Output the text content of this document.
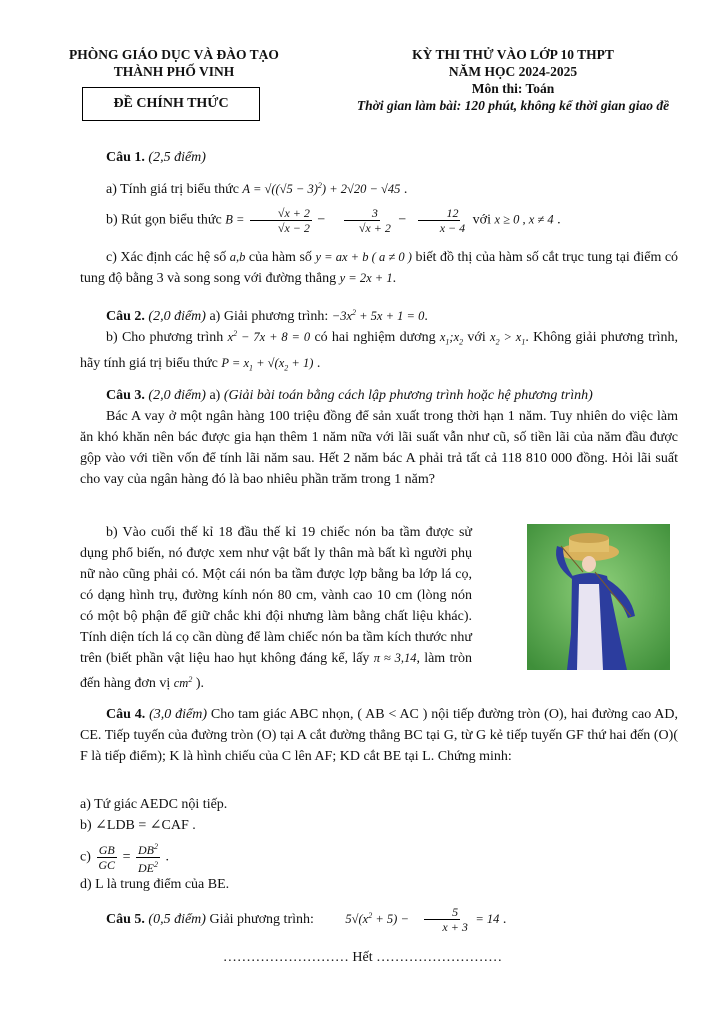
PHÒNG GIÁO DỤC VÀ ĐÀO TẠO
THÀNH PHỐ VINH
ĐỀ CHÍNH THỨC
KỲ THI THỬ VÀO LỚP 10 THPT
NĂM HỌC 2024-2025
Môn thi: Toán
Thời gian làm bài: 120 phút, không kể thời gian giao đề
Câu 1. (2,5 điểm)
a) Tính giá trị biểu thức $A = √((√5 - 3)^2) + 2√20 - √45$ .
b) Rút gọn biểu thức $B = \frac{√x + 2}{√x - 2} - \frac{3}{√x + 2} - \frac{12}{x - 4}$ với x ≥ 0 , x ≠ 4 .
c) Xác định các hệ số a,b của hàm số y = ax + b ( a ≠ 0 ) biết đồ thị của hàm số cắt trục tung tại điểm có tung độ bằng 3 và song song với đường thẳng y = 2x + 1.
Câu 2. (2,0 điểm) a) Giải phương trình: $-3x^2 + 5x + 1 = 0$.
b) Cho phương trình $x^2 - 7x + 8 = 0$ có hai nghiệm dương $x_1;x_2$ với $x_2 > x_1$. Không giải phương trình, hãy tính giá trị biểu thức $P = x_1 + √(x_2 + 1)$ .
Câu 3. (2,0 điểm) a) (Giải bài toán bằng cách lập phương trình hoặc hệ phương trình)
Bác A vay ở một ngân hàng 100 triệu đồng để sản xuất trong thời hạn 1 năm. Tuy nhiên do việc làm ăn khó khăn nên bác được gia hạn thêm 1 năm nữa với lãi suất vẫn như cũ, số tiền lãi của năm đầu được gộp vào với tiền vốn để tính lãi năm sau. Hết 2 năm bác A phải trả tất cả 118 810 000 đồng. Hỏi lãi suất cho vay của ngân hàng đó là bao nhiêu phần trăm trong 1 năm?
b) Vào cuối thế kỉ 18 đầu thế kỉ 19 chiếc nón ba tầm được sử dụng phổ biến, nó được xem như vật bất ly thân mà bất kì người phụ nữ nào cũng phải có. Một cái nón ba tầm được lợp bằng ba lớp lá cọ, có dạng hình trụ, đường kính nón 80 cm, vành cao 10 cm (lòng nón có một bộ phận để giữ chắc khi đội nhưng làm bằng chất liệu khác). Tính diện tích lá cọ cần dùng để làm chiếc nón ba tầm kích thước như trên (biết phần vật liệu hao hụt không đáng kể, lấy π ≈ 3,14, làm tròn đến hàng đơn vị $cm^2$ ).
Câu 4. (3,0 điểm) Cho tam giác ABC nhọn, ( AB < AC ) nội tiếp đường tròn (O), hai đường cao AD, CE. Tiếp tuyến của đường tròn (O) tại A cắt đường thẳng BC tại G, từ G kẻ tiếp tuyến GF thứ hai đến (O)( F là tiếp điểm); K là hình chiếu của C lên AF; KD cắt BE tại L. Chứng minh:
a) Tứ giác AEDC nội tiếp.
b) ∠LDB = ∠CAF .
$c) \frac{GB}{GC} = \frac{DB^2}{DE^2}$ .
d) L là trung điểm của BE.
Câu 5. (0,5 điểm) Giải phương trình:	$5√(x^2 + 5) - \frac{5}{x + 3} = 14$ .
……………………… Hết ………………………
